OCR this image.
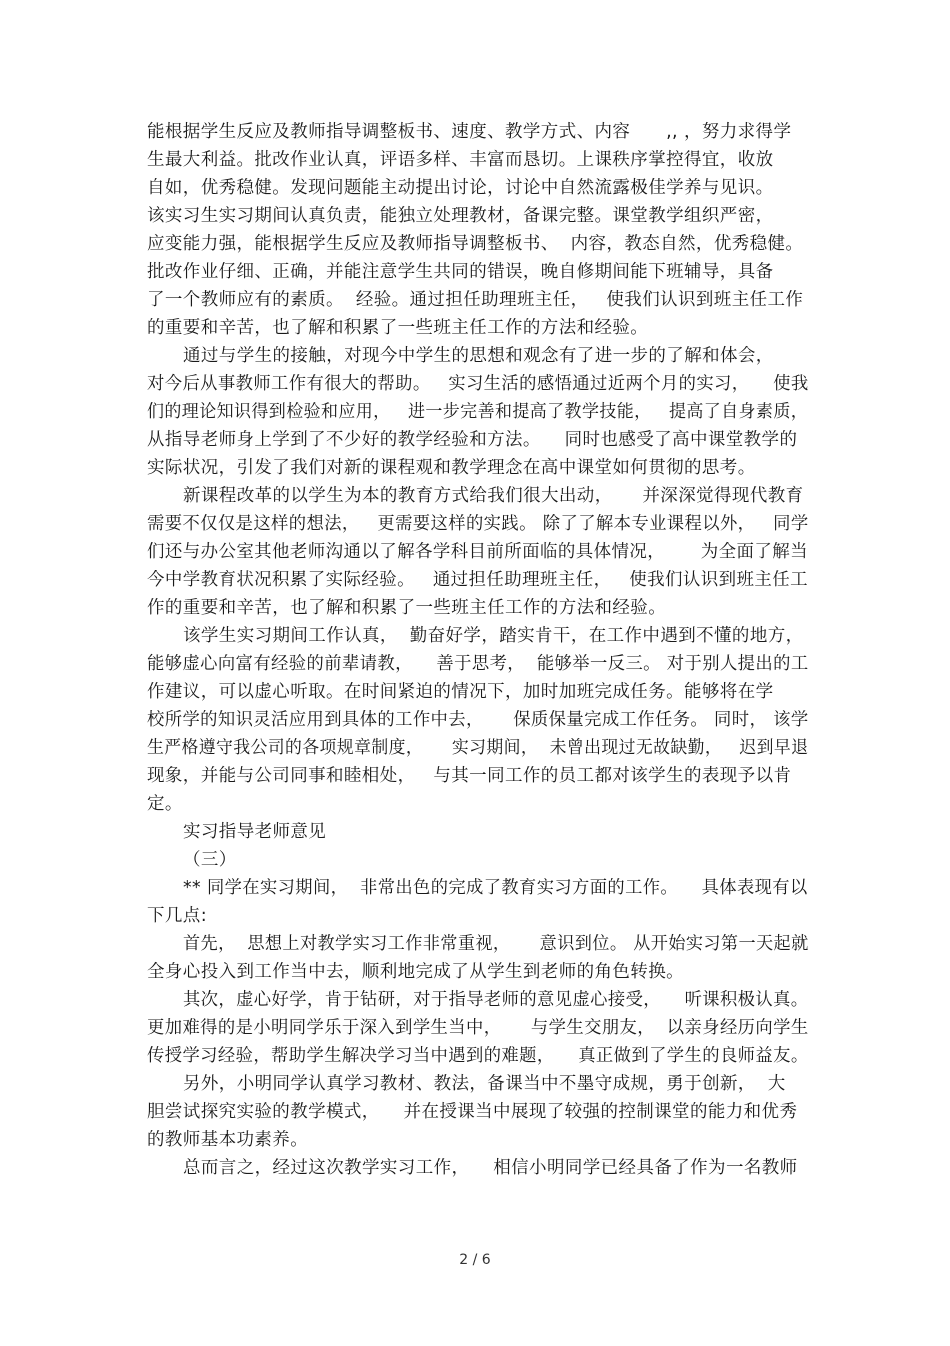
能根据学生反应及教师指导调整板书、速度、教学方式、内容      ,, ，努力求得学
生最大利益。批改作业认真，评语多样、丰富而恳切。上课秩序掌控得宜，收放
自如，优秀稳健。发现问题能主动提出讨论，讨论中自然流露极佳学养与见识。
该实习生实习期间认真负责，能独立处理教材，备课完整。课堂教学组织严密，
应变能力强，能根据学生反应及教师指导调整板书、  内容，教态自然，优秀稳健。
批改作业仔细、正确，并能注意学生共同的错误，晚自修期间能下班辅导，具备
了一个教师应有的素质。  经验。通过担任助理班主任，   使我们认识到班主任工作
的重要和辛苦，也了解和积累了一些班主任工作的方法和经验。
通过与学生的接触，对现今中学生的思想和观念有了进一步的了解和体会，
对今后从事教师工作有很大的帮助。   实习生活的感悟通过近两个月的实习，    使我
们的理论知识得到检验和应用，   进一步完善和提高了教学技能，   提高了自身素质，
从指导老师身上学到了不少好的教学经验和方法。    同时也感受了高中课堂教学的
实际状况，引发了我们对新的课程观和教学理念在高中课堂如何贯彻的思考。
新课程改革的以学生为本的教育方式给我们很大出动，     并深深觉得现代教育
需要不仅仅是这样的想法，   更需要这样的实践。 除了了解本专业课程以外，   同学
们还与办公室其他老师沟通以了解各学科目前所面临的具体情况，      为全面了解当
今中学教育状况积累了实际经验。   通过担任助理班主任，   使我们认识到班主任工
作的重要和辛苦，也了解和积累了一些班主任工作的方法和经验。
该学生实习期间工作认真，  勤奋好学，踏实肯干，在工作中遇到不懂的地方，
能够虚心向富有经验的前辈请教，    善于思考，  能够举一反三。 对于别人提出的工
作建议，可以虚心听取。在时间紧迫的情况下，加时加班完成任务。能够将在学
校所学的知识灵活应用到具体的工作中去，     保质保量完成工作任务。 同时， 该学
生严格遵守我公司的各项规章制度，     实习期间，  未曾出现过无故缺勤，   迟到早退
现象，并能与公司同事和睦相处，   与其一同工作的员工都对该学生的表现予以肯
定。
实习指导老师意见
（三）
** 同学在实习期间，  非常出色的完成了教育实习方面的工作。    具体表现有以
下几点:
首先，  思想上对教学实习工作非常重视，     意识到位。 从开始实习第一天起就
全身心投入到工作当中去，顺利地完成了从学生到老师的角色转换。
其次，虚心好学，肯于钻研，对于指导老师的意见虚心接受，    听课积极认真。
更加难得的是小明同学乐于深入到学生当中，     与学生交朋友，  以亲身经历向学生
传授学习经验，帮助学生解决学习当中遇到的难题，    真正做到了学生的良师益友。
另外，小明同学认真学习教材、教法，备课当中不墨守成规，勇于创新，  大
胆尝试探究实验的教学模式，    并在授课当中展现了较强的控制课堂的能力和优秀
的教师基本功素养。
总而言之，经过这次教学实习工作，    相信小明同学已经具备了作为一名教师
2 / 6
